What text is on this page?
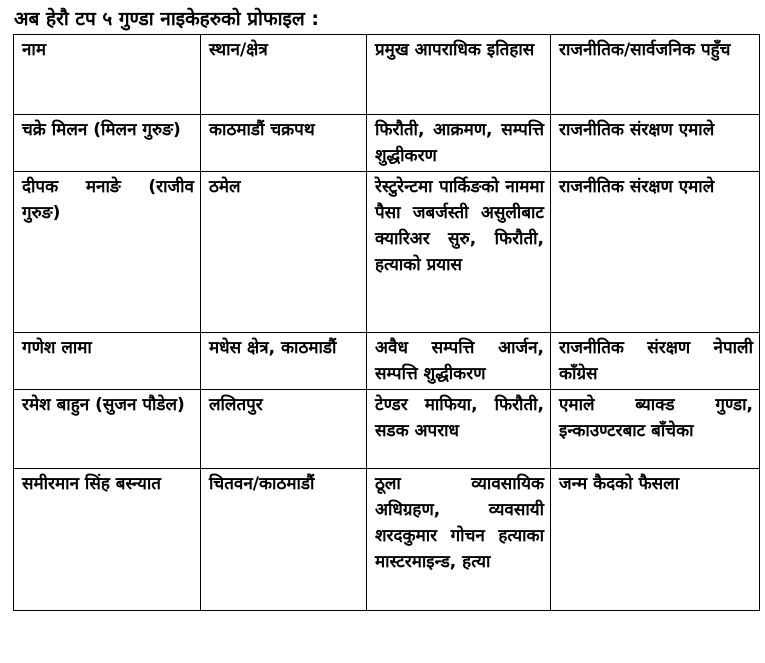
अब हेरौ टप ५ गुण्डा नाइकेहरुको प्रोफाइल :
नाम	स्थान/क्षेत्र	प्रमुख आपराधिक इतिहास	राजनीतिक/सार्वजनिक पहुँच
चक्रे मिलन (मिलन गुरुङ)	काठमाडौं चक्रपथ	फिरौती, आक्रमण, सम्पत्ति शुद्धीकरण	राजनीतिक संरक्षण एमाले
दीपक मनाङे (राजीव गुरुङ)	ठमेल	रेस्टुरेन्टमा पार्किङको नाममा पैसा जबर्जस्ती असुलीबाट क्यारिअर सुरु, फिरौती, हत्याको प्रयास	राजनीतिक संरक्षण एमाले
गणेश लामा	मधेस क्षेत्र, काठमाडौं	अवैध सम्पत्ति आर्जन, सम्पत्ति शुद्धीकरण	राजनीतिक संरक्षण नेपाली काँग्रेस
रमेश बाहुन (सुजन पौडेल)	ललितपुर	टेण्डर माफिया, फिरौती, सडक अपराध	एमाले ब्याक्ड गुण्डा, इन्काउण्टरबाट बाँचेका
समीरमान सिंह बस्न्यात	चितवन/काठमाडौं	ठूला व्यावसायिक अधिग्रहण, व्यवसायी शरदकुमार गोचन हत्याका मास्टरमाइन्ड, हत्या	जन्म कैदको फैसला
